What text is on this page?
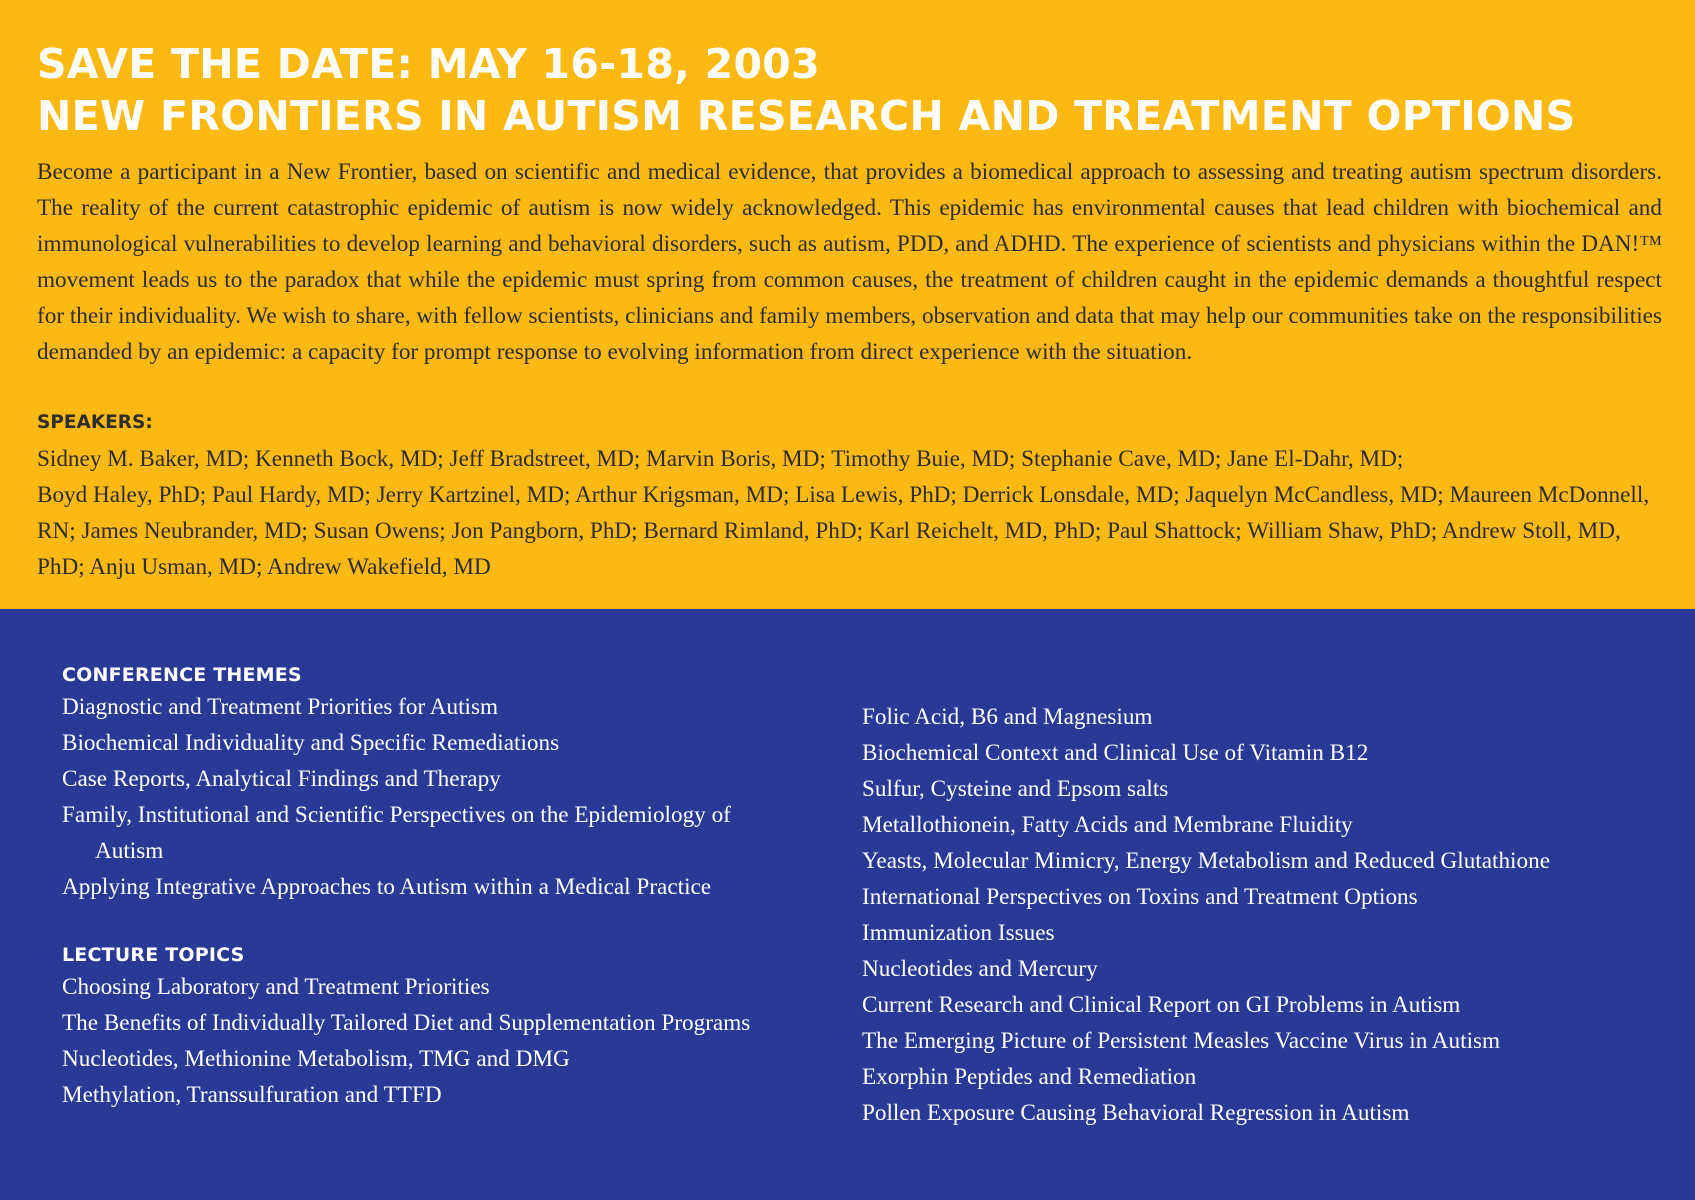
SAVE THE DATE: MAY 16-18, 2003
NEW FRONTIERS IN AUTISM RESEARCH AND TREATMENT OPTIONS

Become a participant in a New Frontier, based on scientific and medical evidence, that provides a biomedical approach to assessing and treating autism spectrum disorders. The reality of the current catastrophic epidemic of autism is now widely acknowledged. This epidemic has environmental causes that lead children with biochemical and immunological vulnerabilities to develop learning and behavioral disorders, such as autism, PDD, and ADHD. The experience of scientists and physicians within the DAN!™ movement leads us to the paradox that while the epidemic must spring from common causes, the treatment of children caught in the epidemic demands a thoughtful respect for their individuality. We wish to share, with fellow scientists, clinicians and family members, observation and data that may help our communities take on the responsibilities demanded by an epidemic: a capacity for prompt response to evolving information from direct experience with the situation.

SPEAKERS:
Sidney M. Baker, MD; Kenneth Bock, MD; Jeff Bradstreet, MD; Marvin Boris, MD; Timothy Buie, MD; Stephanie Cave, MD; Jane El-Dahr, MD;
Boyd Haley, PhD; Paul Hardy, MD; Jerry Kartzinel, MD; Arthur Krigsman, MD; Lisa Lewis, PhD; Derrick Lonsdale, MD; Jaquelyn McCandless, MD; Maureen McDonnell, RN; James Neubrander, MD; Susan Owens; Jon Pangborn, PhD; Bernard Rimland, PhD; Karl Reichelt, MD, PhD; Paul Shattock; William Shaw, PhD; Andrew Stoll, MD, PhD; Anju Usman, MD; Andrew Wakefield, MD
CONFERENCE THEMES
Diagnostic and Treatment Priorities for Autism
Biochemical Individuality and Specific Remediations
Case Reports, Analytical Findings and Therapy
Family, Institutional and Scientific Perspectives on the Epidemiology of Autism
Applying Integrative Approaches to Autism within a Medical Practice
LECTURE TOPICS
Choosing Laboratory and Treatment Priorities
The Benefits of Individually Tailored Diet and Supplementation Programs
Nucleotides, Methionine Metabolism, TMG and DMG
Methylation, Transsulfuration and TTFD
Folic Acid, B6 and Magnesium
Biochemical Context and Clinical Use of Vitamin B12
Sulfur, Cysteine and Epsom salts
Metallothionein, Fatty Acids and Membrane Fluidity
Yeasts, Molecular Mimicry, Energy Metabolism and Reduced Glutathione
International Perspectives on Toxins and Treatment Options
Immunization Issues
Nucleotides and Mercury
Current Research and Clinical Report on GI Problems in Autism
The Emerging Picture of Persistent Measles Vaccine Virus in Autism
Exorphin Peptides and Remediation
Pollen Exposure Causing Behavioral Regression in Autism
